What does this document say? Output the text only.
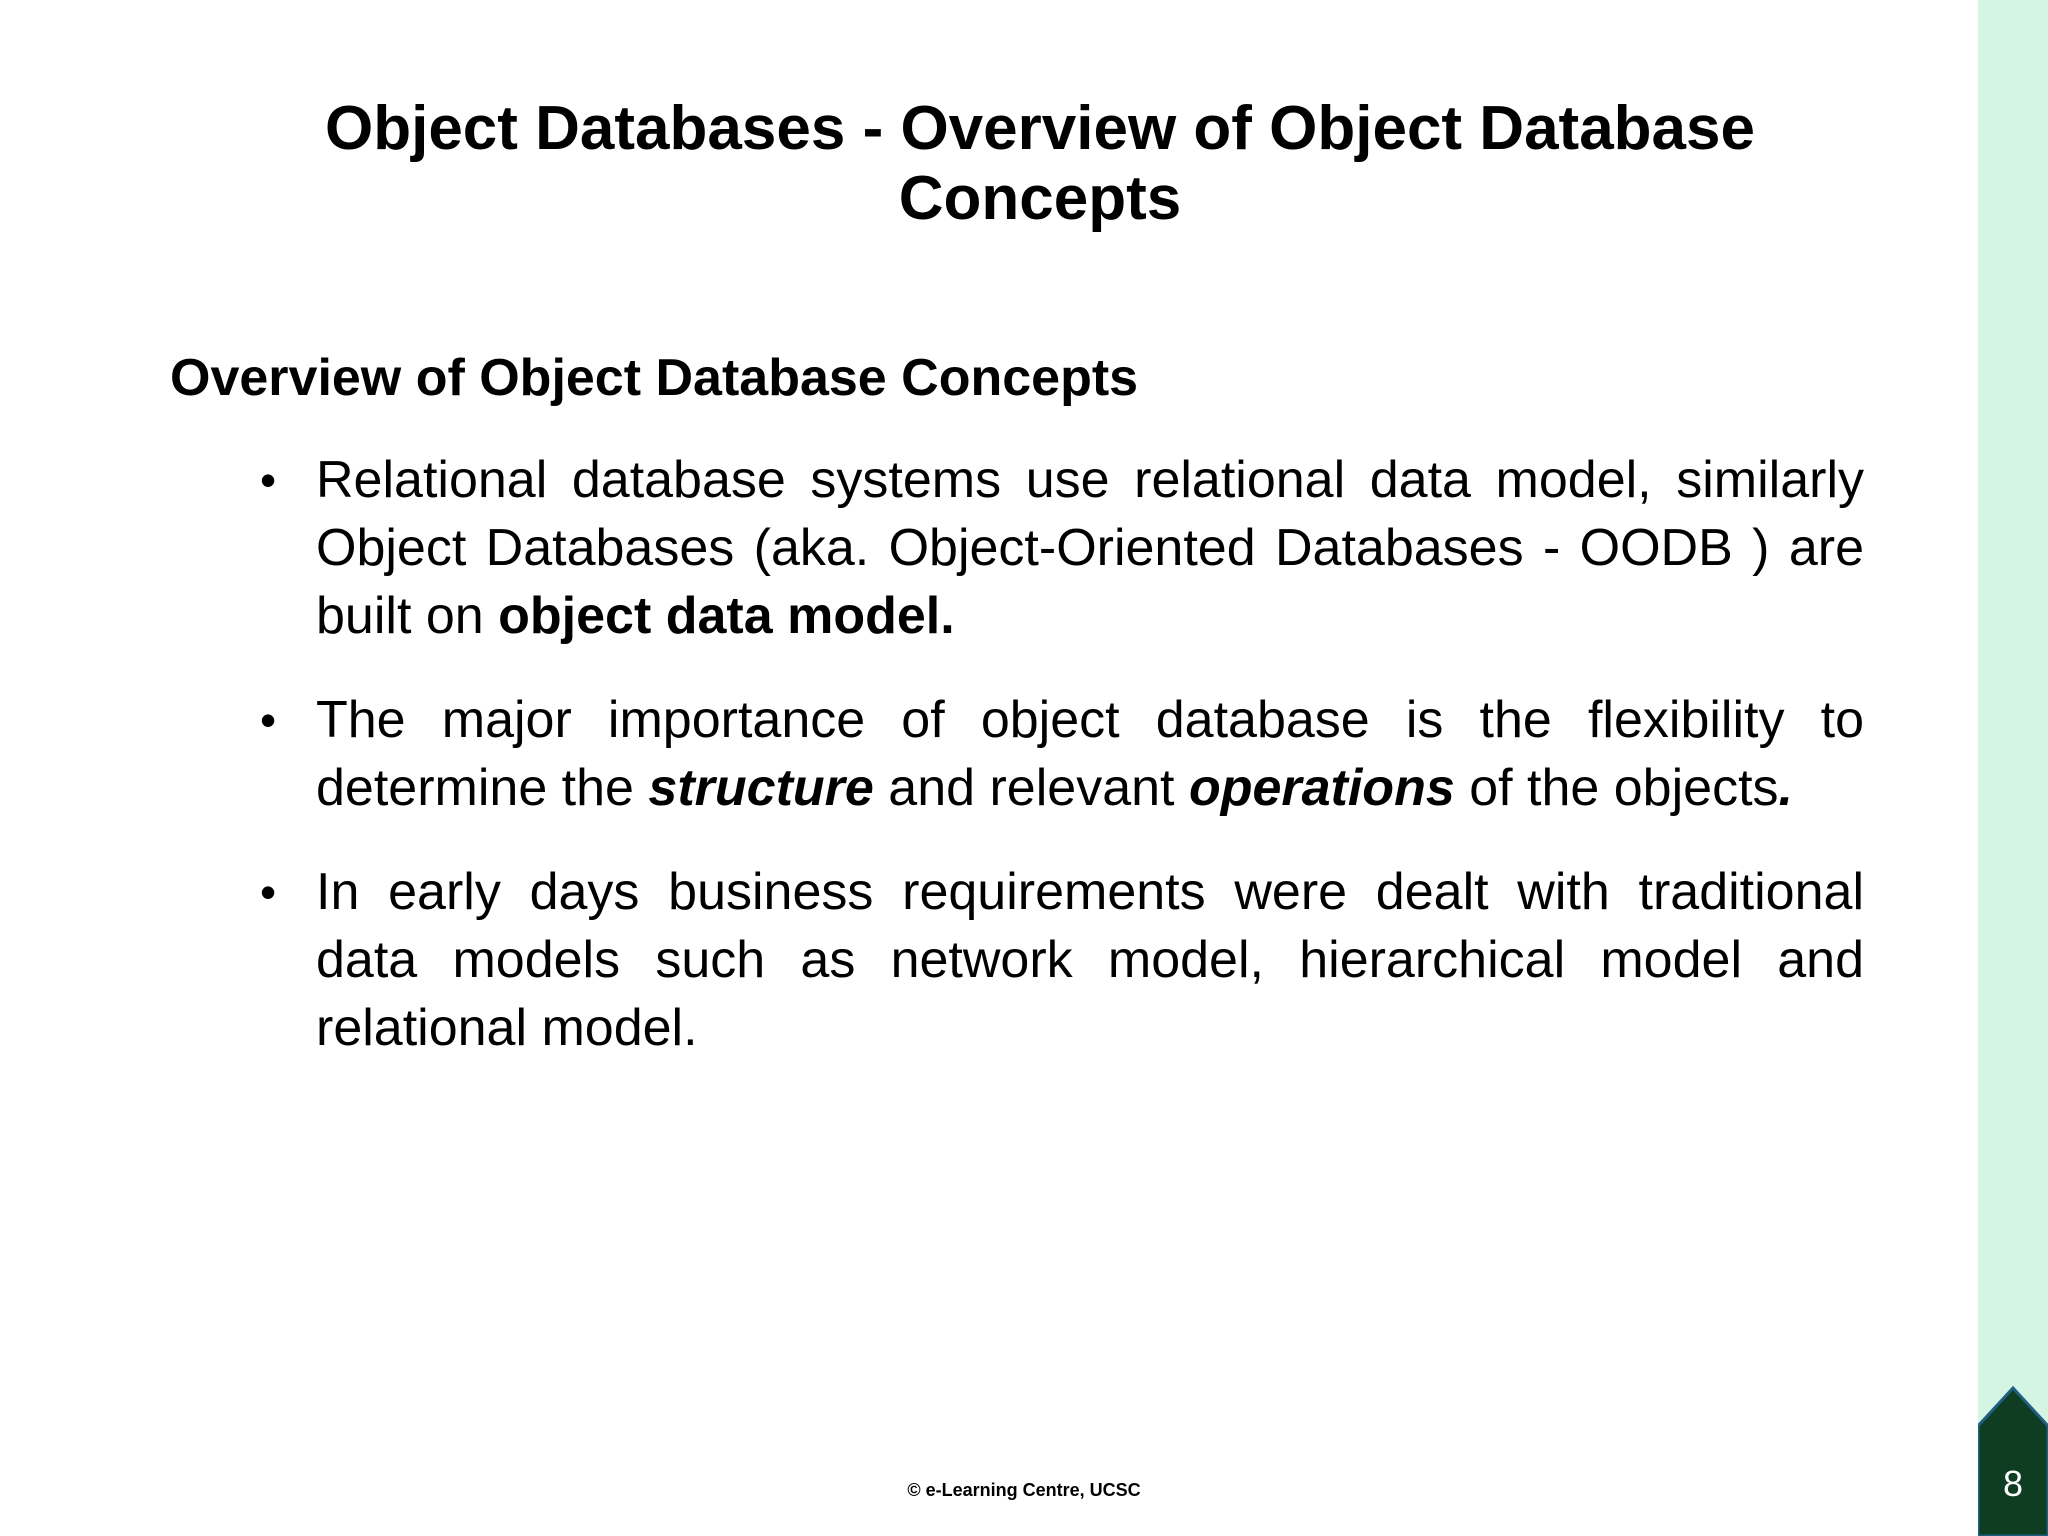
Object Databases - Overview of Object Database
Concepts
Overview of Object Database Concepts
• Relational database systems use relational data model, similarly Object Databases (aka. Object-Oriented Databases - OODB ) are built on object data model.
• The major importance of object database is the flexibility to determine the structure and relevant operations of the objects.
• In early days business requirements were dealt with traditional data models such as network model, hierarchical model and relational model.
© e-Learning Centre, UCSC	8
